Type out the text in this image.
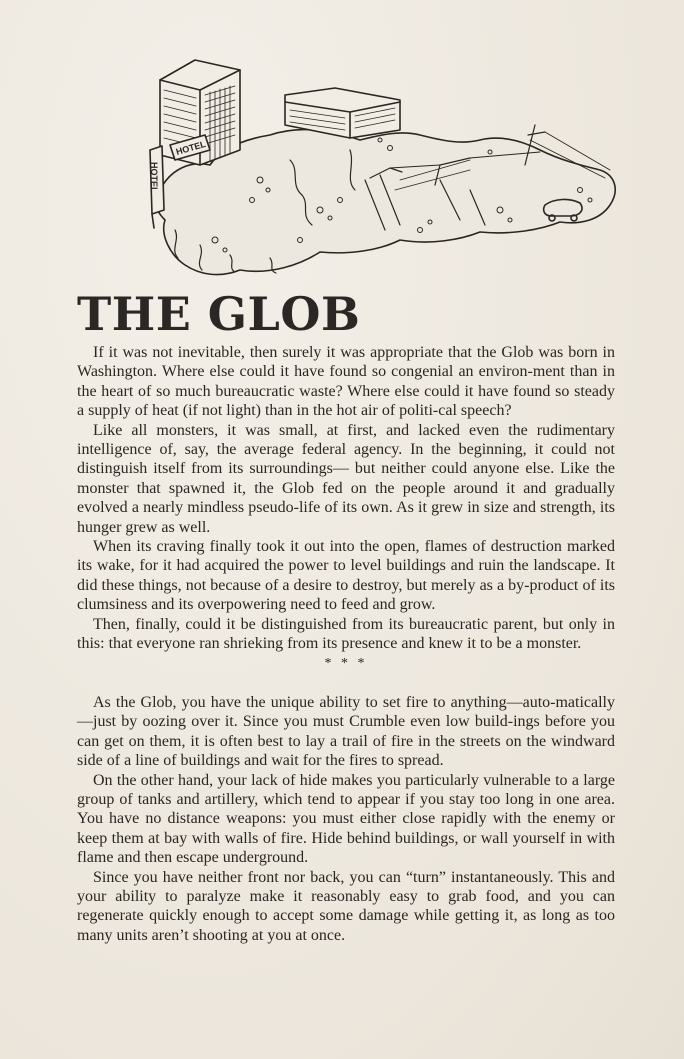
HOTEL
HOTEL
THE GLOB

If it was not inevitable, then surely it was appropriate that the Glob was born in Washington. Where else could it have found so congenial an environ-ment than in the heart of so much bureaucratic waste? Where else could it have found so steady a supply of heat (if not light) than in the hot air of politi-cal speech?

Like all monsters, it was small, at first, and lacked even the rudimentary intelligence of, say, the average federal agency. In the beginning, it could not distinguish itself from its surroundings— but neither could anyone else. Like the monster that spawned it, the Glob fed on the people around it and gradually evolved a nearly mindless pseudo-life of its own. As it grew in size and strength, its hunger grew as well.

When its craving finally took it out into the open, flames of destruction marked its wake, for it had acquired the power to level buildings and ruin the landscape. It did these things, not because of a desire to destroy, but merely as a by-product of its clumsiness and its overpowering need to feed and grow.

Then, finally, could it be distinguished from its bureaucratic parent, but only in this: that everyone ran shrieking from its presence and knew it to be a monster.

* * *

As the Glob, you have the unique ability to set fire to anything—auto-matically—just by oozing over it. Since you must Crumble even low build-ings before you can get on them, it is often best to lay a trail of fire in the streets on the windward side of a line of buildings and wait for the fires to spread.

On the other hand, your lack of hide makes you particularly vulnerable to a large group of tanks and artillery, which tend to appear if you stay too long in one area. You have no distance weapons: you must either close rapidly with the enemy or keep them at bay with walls of fire. Hide behind buildings, or wall yourself in with flame and then escape underground.

Since you have neither front nor back, you can “turn” instantaneously. This and your ability to paralyze make it reasonably easy to grab food, and you can regenerate quickly enough to accept some damage while getting it, as long as too many units aren’t shooting at you at once.
